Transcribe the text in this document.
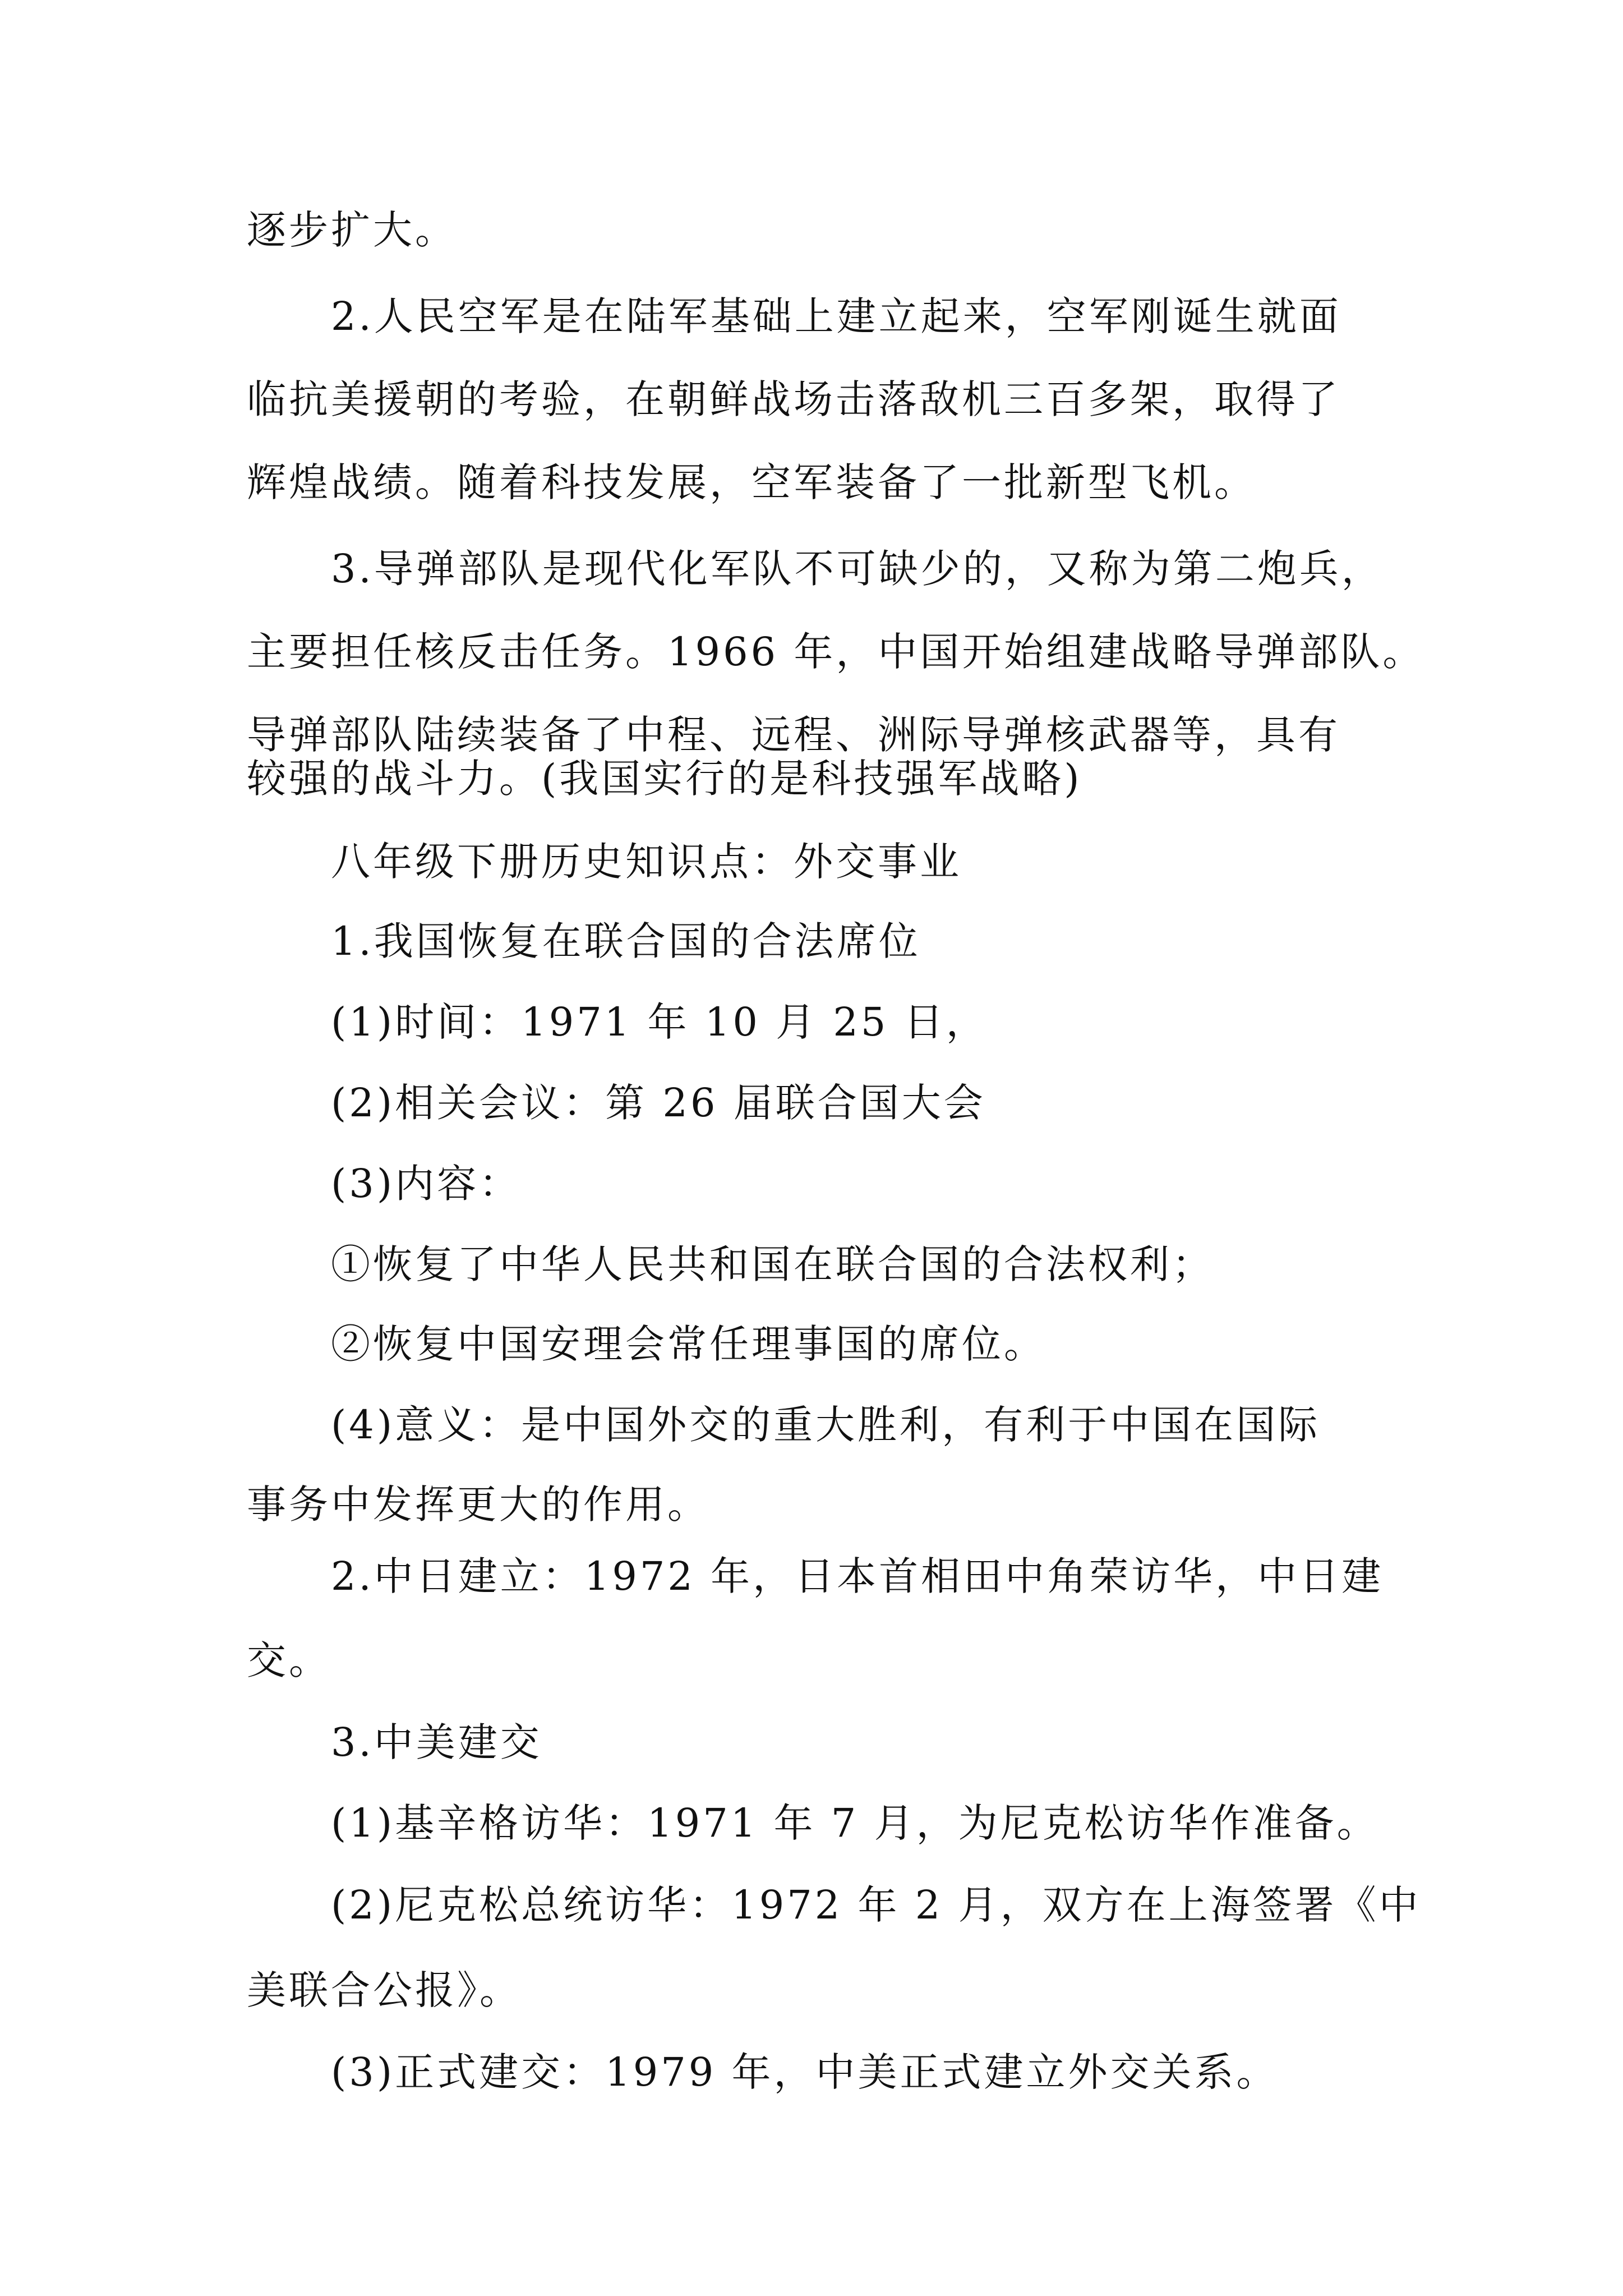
逐步扩大。

2.人民空军是在陆军基础上建立起来，空军刚诞生就面

临抗美援朝的考验，在朝鲜战场击落敌机三百多架，取得了

辉煌战绩。随着科技发展，空军装备了一批新型飞机。

3.导弹部队是现代化军队不可缺少的，又称为第二炮兵，

主要担任核反击任务。1966 年，中国开始组建战略导弹部队。

导弹部队陆续装备了中程、远程、洲际导弹核武器等，具有

较强的战斗力。(我国实行的是科技强军战略)

八年级下册历史知识点：外交事业

1.我国恢复在联合国的合法席位

(1)时间：1971 年 10 月 25 日，

(2)相关会议：第 26 届联合国大会

(3)内容：

①恢复了中华人民共和国在联合国的合法权利；

②恢复中国安理会常任理事国的席位。

(4)意义：是中国外交的重大胜利，有利于中国在国际

事务中发挥更大的作用。

2.中日建立：1972 年，日本首相田中角荣访华，中日建

交。

3.中美建交

(1)基辛格访华：1971 年 7 月，为尼克松访华作准备。

(2)尼克松总统访华：1972 年 2 月，双方在上海签署《中

美联合公报》。

(3)正式建交：1979 年，中美正式建立外交关系。
